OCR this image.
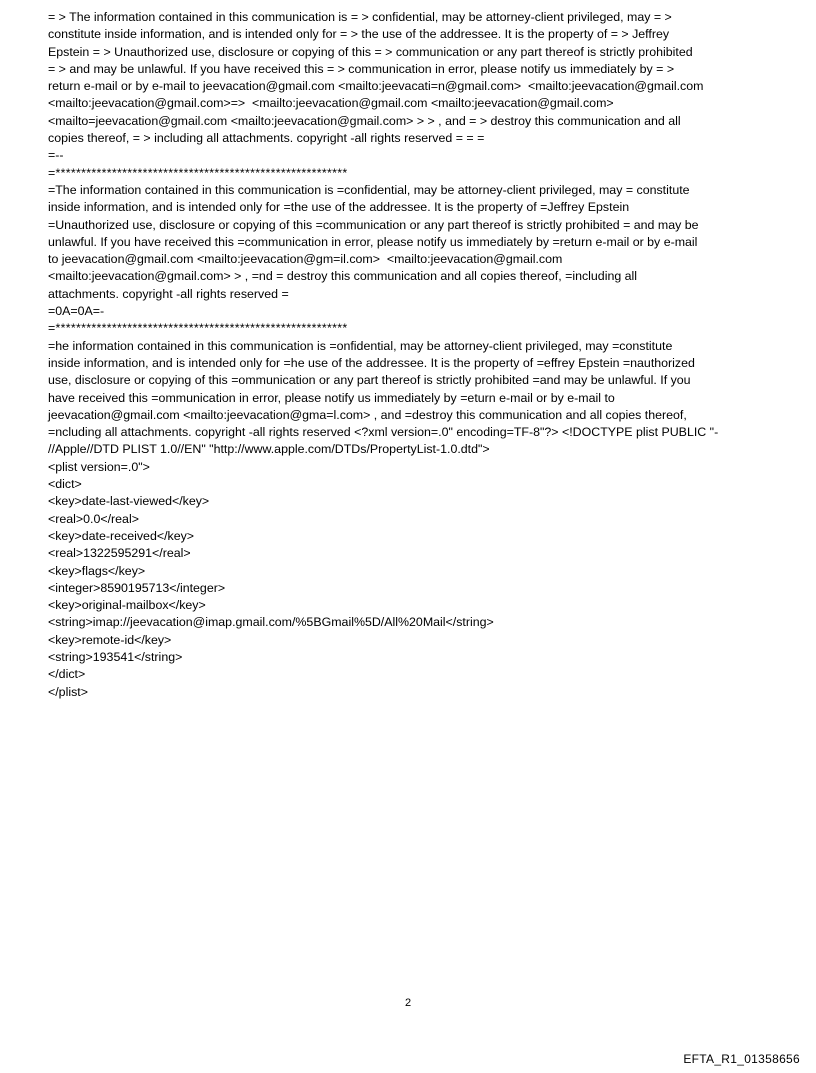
= > The information contained in this communication is = > confidential, may be attorney-client privileged, may = >

constitute inside information, and is intended only for = > the use of the addressee. It is the property of = > Jeffrey

Epstein = > Unauthorized use, disclosure or copying of this = > communication or any part thereof is strictly prohibited

= > and may be unlawful. If you have received this = > communication in error, please notify us immediately by = >

return e-mail or by e-mail to jeevacation@gmail.com <mailto:jeevacati=n@gmail.com>  <mailto:jeevacation@gmail.com

<mailto:jeevacation@gmail.com>=>  <mailto:jeevacation@gmail.com <mailto:jeevacation@gmail.com>

<mailto=jeevacation@gmail.com <mailto:jeevacation@gmail.com> > > , and = > destroy this communication and all

copies thereof, = > including all attachments. copyright -all rights reserved = = =

=--

=*********************************************************

=The information contained in this communication is =confidential, may be attorney-client privileged, may = constitute

inside information, and is intended only for =the use of the addressee. It is the property of =Jeffrey Epstein

=Unauthorized use, disclosure or copying of this =communication or any part thereof is strictly prohibited = and may be

unlawful. If you have received this =communication in error, please notify us immediately by =return e-mail or by e-mail

to jeevacation@gmail.com <mailto:jeevacation@gm=il.com>  <mailto:jeevacation@gmail.com

<mailto:jeevacation@gmail.com> > , =nd = destroy this communication and all copies thereof, =including all

attachments. copyright -all rights reserved =

=0A=0A=-

=*********************************************************

=he information contained in this communication is =onfidential, may be attorney-client privileged, may =constitute

inside information, and is intended only for =he use of the addressee. It is the property of =effrey Epstein =nauthorized

use, disclosure or copying of this =ommunication or any part thereof is strictly prohibited =and may be unlawful. If you

have received this =ommunication in error, please notify us immediately by =eturn e-mail or by e-mail to

jeevacation@gmail.com <mailto:jeevacation@gma=l.com> , and =destroy this communication and all copies thereof,

=ncluding all attachments. copyright -all rights reserved <?xml version=.0" encoding=TF-8"?> <!DOCTYPE plist PUBLIC "-

//Apple//DTD PLIST 1.0//EN" "http://www.apple.com/DTDs/PropertyList-1.0.dtd">

<plist version=.0">

<dict>

<key>date-last-viewed</key>

<real>0.0</real>

<key>date-received</key>

<real>1322595291</real>

<key>flags</key>

<integer>8590195713</integer>

<key>original-mailbox</key>

<string>imap://jeevacation@imap.gmail.com/%5BGmail%5D/All%20Mail</string>

<key>remote-id</key>

<string>193541</string>

</dict>

</plist>

2
EFTA_R1_01358656
